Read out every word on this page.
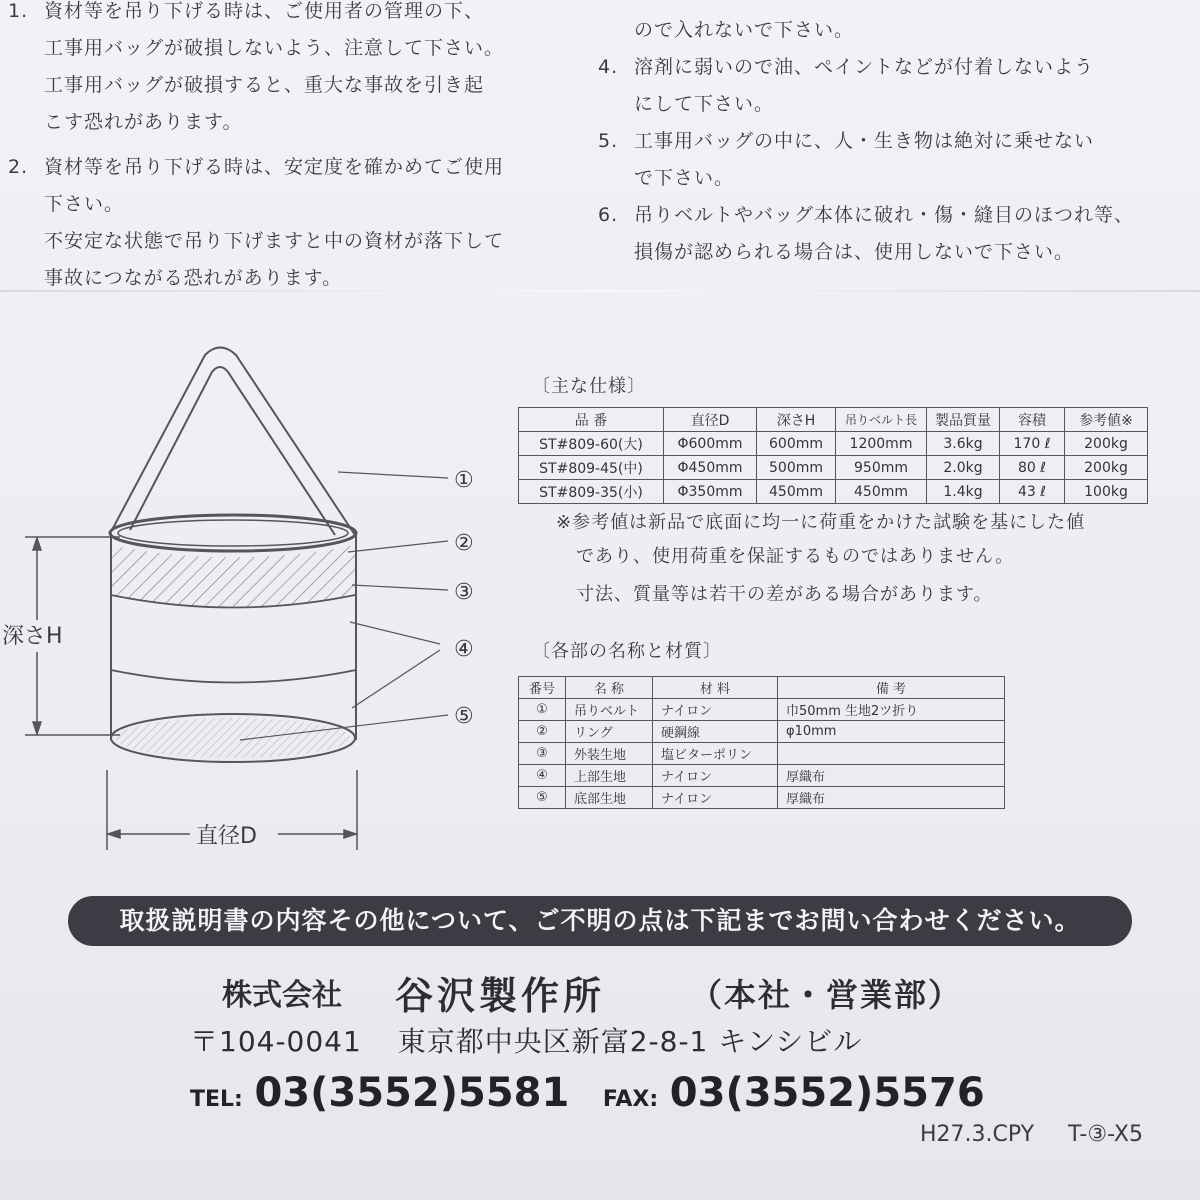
1. 資材等を吊り下げる時は、ご使用者の管理の下、
工事用バッグが破損しないよう、注意して下さい。
工事用バッグが破損すると、重大な事故を引き起
こす恐れがあります。
2. 資材等を吊り下げる時は、安定度を確かめてご使用
下さい。
不安定な状態で吊り下げますと中の資材が落下して
事故につながる恐れがあります。
ので入れないで下さい。
4. 溶剤に弱いので油、ペイントなどが付着しないよう
にして下さい。
5. 工事用バッグの中に、人・生き物は絶対に乗せない
で下さい。
6. 吊りベルトやバッグ本体に破れ・傷・縫目のほつれ等、
損傷が認められる場合は、使用しないで下さい。
深さH
直径D
①
②
③
④
⑤
〔主な仕様〕
品 番	直径D	深さH	吊りベルト長	製品質量	容積	参考値※
ST#809-60(大)	Φ600mm	600mm	1200mm	3.6kg	170 ℓ	200kg
ST#809-45(中)	Φ450mm	500mm	950mm	2.0kg	80 ℓ	200kg
ST#809-35(小)	Φ350mm	450mm	450mm	1.4kg	43 ℓ	100kg
※参考値は新品で底面に均一に荷重をかけた試験を基にした値
であり、使用荷重を保証するものではありません。
寸法、質量等は若干の差がある場合があります。
〔各部の名称と材質〕
番号	名 称	材 料	備 考
①	吊りベルト	ナイロン	巾50mm 生地2ツ折り
②	リング	硬鋼線	φ10mm
③	外装生地	塩ビターポリン	
④	上部生地	ナイロン	厚織布
⑤	底部生地	ナイロン	厚織布
取扱説明書の内容その他について、ご不明の点は下記までお問い合わせください。
株式会社 谷沢製作所	（本社・営業部）
〒104-0041 東京都中央区新富2-8-1 キンシビル
TEL: 03(3552)5581 FAX: 03(3552)5576
H27.3.CPY T-③-X5
